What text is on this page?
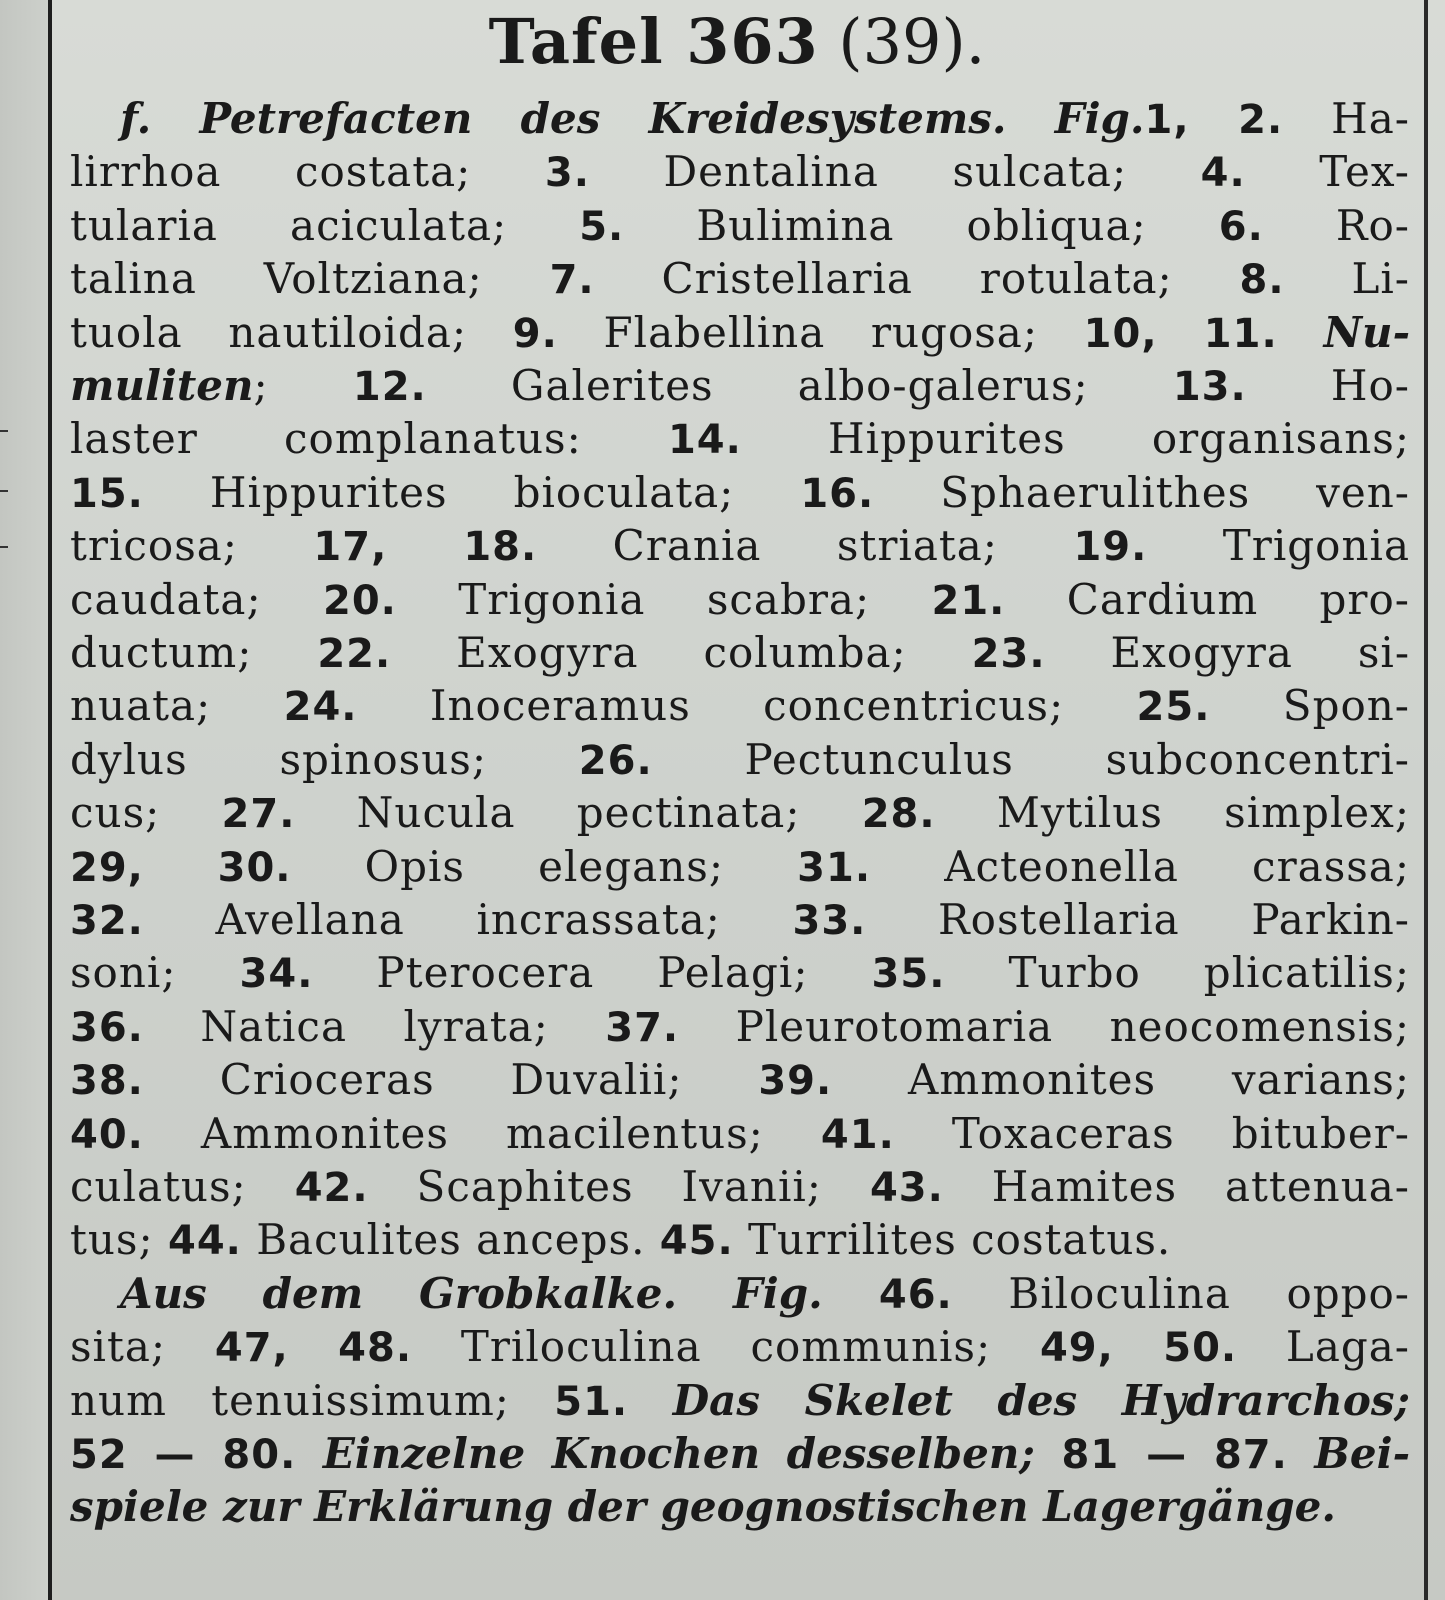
Tafel 363 (39).
f. Petrefacten des Kreidesystems. Fig.1, 2. Ha-
lirrhoa costata; 3. Dentalina sulcata; 4. Tex-
tularia aciculata; 5. Bulimina obliqua; 6. Ro-
talina Voltziana; 7. Cristellaria rotulata; 8. Li-
tuola nautiloida; 9. Flabellina rugosa; 10, 11. Nu-
muliten; 12. Galerites albo-galerus; 13. Ho-
laster complanatus: 14. Hippurites organisans;
15. Hippurites bioculata; 16. Sphaerulithes ven-
tricosa; 17, 18. Crania striata; 19. Trigonia
caudata; 20. Trigonia scabra; 21. Cardium pro-
ductum; 22. Exogyra columba; 23. Exogyra si-
nuata; 24. Inoceramus concentricus; 25. Spon-
dylus spinosus; 26. Pectunculus subconcentri-
cus; 27. Nucula pectinata; 28. Mytilus simplex;
29, 30. Opis elegans; 31. Acteonella crassa;
32. Avellana incrassata; 33. Rostellaria Parkin-
soni; 34. Pterocera Pelagi; 35. Turbo plicatilis;
36. Natica lyrata; 37. Pleurotomaria neocomensis;
38. Crioceras Duvalii; 39. Ammonites varians;
40. Ammonites macilentus; 41. Toxaceras bituber-
culatus; 42. Scaphites Ivanii; 43. Hamites attenua-
tus; 44. Baculites anceps. 45. Turrilites costatus.
Aus dem Grobkalke. Fig. 46. Biloculina oppo-
sita; 47, 48. Triloculina communis; 49, 50. Laga-
num tenuissimum; 51. Das Skelet des Hydrarchos;
52 — 80. Einzelne Knochen desselben; 81 — 87. Bei-
spiele zur Erklärung der geognostischen Lagergänge.
